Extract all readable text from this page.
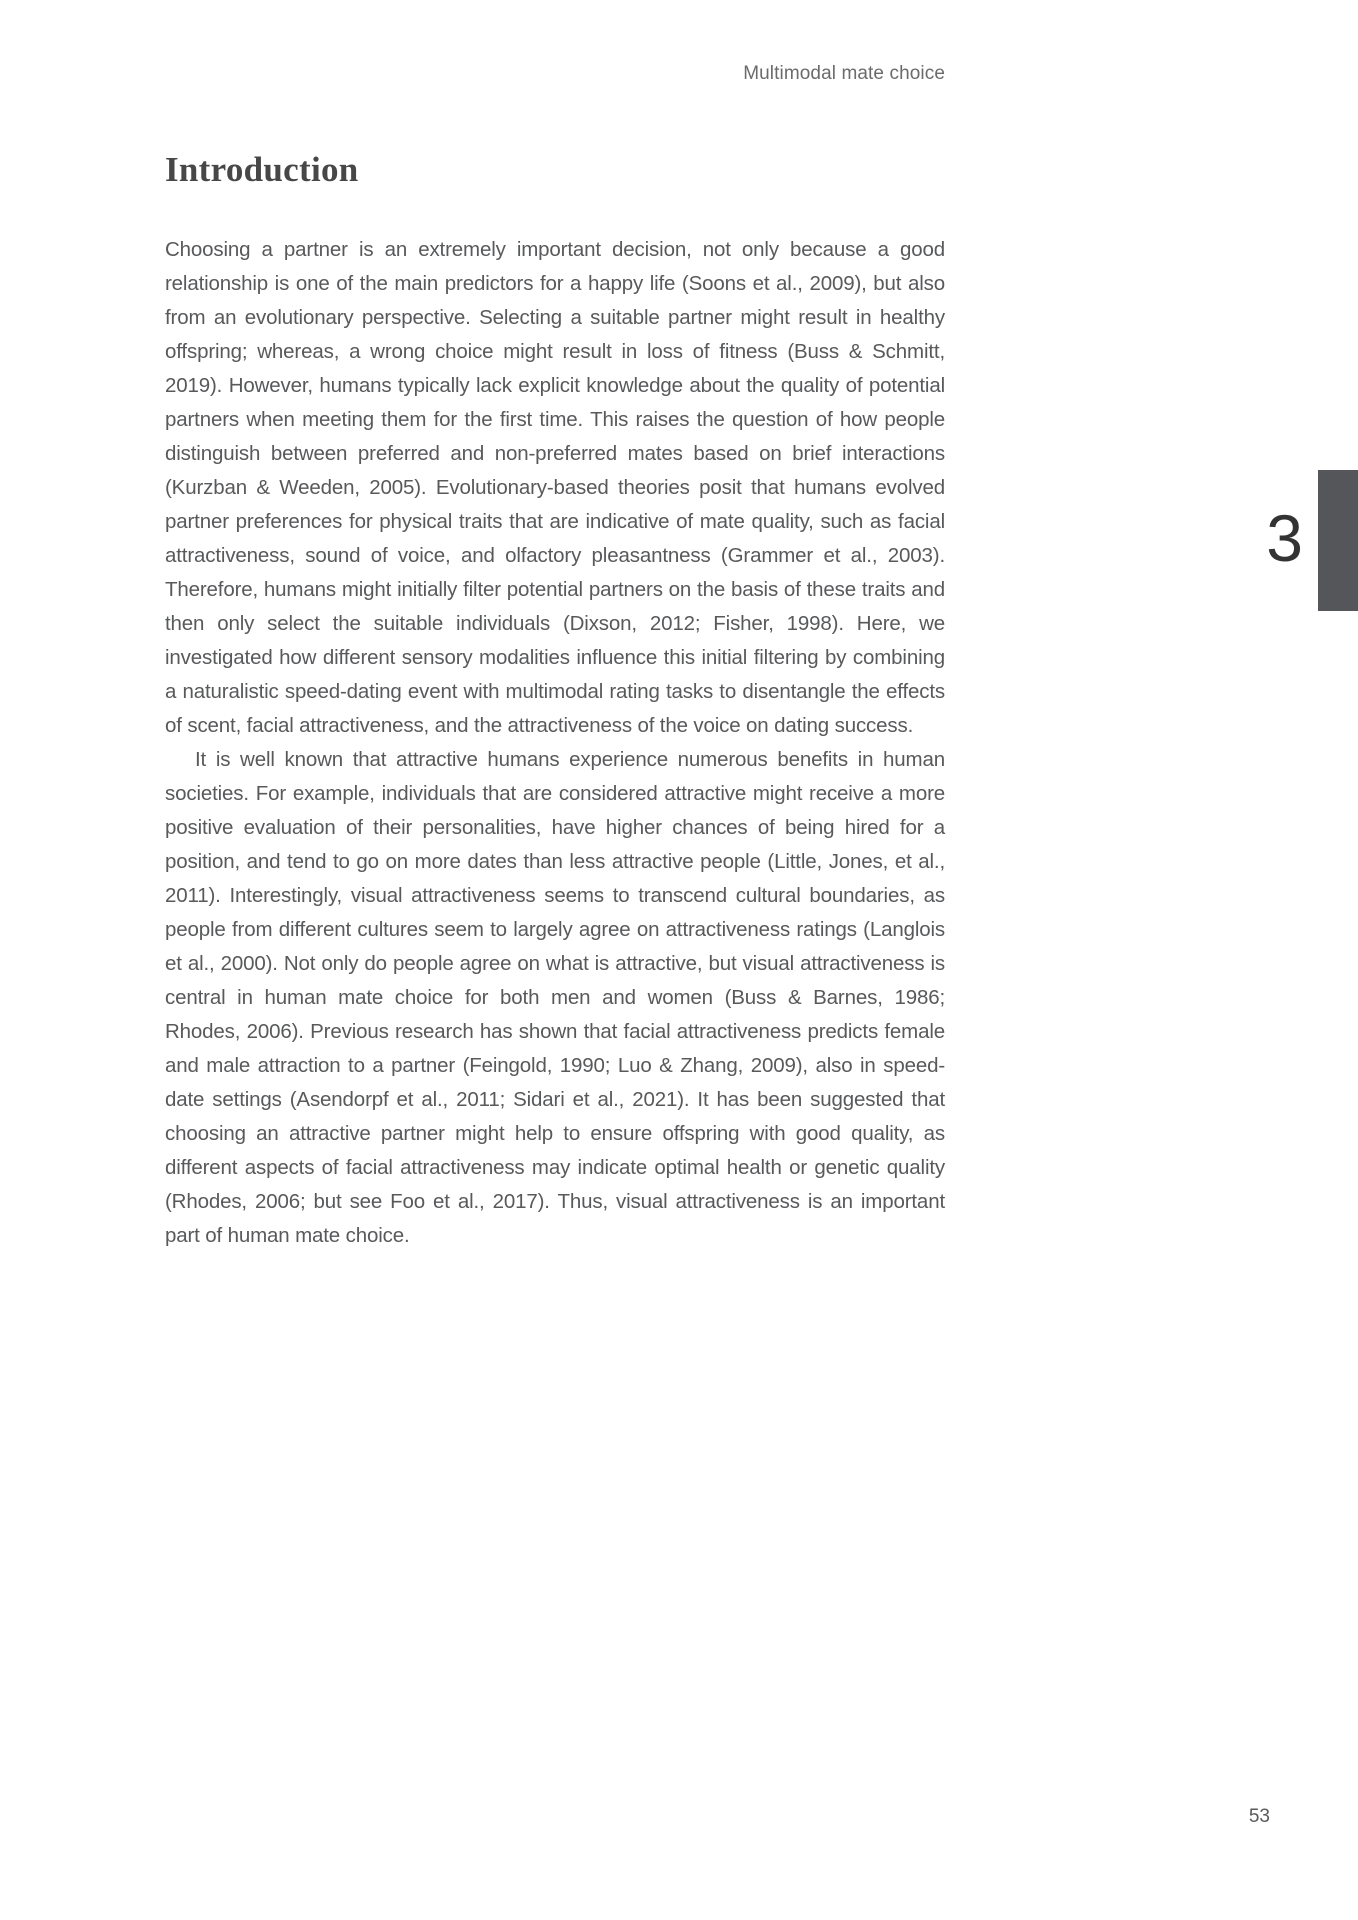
Multimodal mate choice
Introduction

Choosing a partner is an extremely important decision, not only because a good relationship is one of the main predictors for a happy life (Soons et al., 2009), but also from an evolutionary perspective. Selecting a suitable partner might result in healthy offspring; whereas, a wrong choice might result in loss of fitness (Buss & Schmitt, 2019). However, humans typically lack explicit knowledge about the quality of potential partners when meeting them for the first time. This raises the question of how people distinguish between preferred and non-preferred mates based on brief interactions (Kurzban & Weeden, 2005). Evolutionary-based theories posit that humans evolved partner preferences for physical traits that are indicative of mate quality, such as facial attractiveness, sound of voice, and olfactory pleasantness (Grammer et al., 2003). Therefore, humans might initially filter potential partners on the basis of these traits and then only select the suitable individuals (Dixson, 2012; Fisher, 1998). Here, we investigated how different sensory modalities influence this initial filtering by combining a naturalistic speed-dating event with multimodal rating tasks to disentangle the effects of scent, facial attractiveness, and the attractiveness of the voice on dating success.

It is well known that attractive humans experience numerous benefits in human societies. For example, individuals that are considered attractive might receive a more positive evaluation of their personalities, have higher chances of being hired for a position, and tend to go on more dates than less attractive people (Little, Jones, et al., 2011). Interestingly, visual attractiveness seems to transcend cultural boundaries, as people from different cultures seem to largely agree on attractiveness ratings (Langlois et al., 2000). Not only do people agree on what is attractive, but visual attractiveness is central in human mate choice for both men and women (Buss & Barnes, 1986; Rhodes, 2006). Previous research has shown that facial attractiveness predicts female and male attraction to a partner (Feingold, 1990; Luo & Zhang, 2009), also in speed-date settings (Asendorpf et al., 2011; Sidari et al., 2021). It has been suggested that choosing an attractive partner might help to ensure offspring with good quality, as different aspects of facial attractiveness may indicate optimal health or genetic quality (Rhodes, 2006; but see Foo et al., 2017). Thus, visual attractiveness is an important part of human mate choice.

3
53
